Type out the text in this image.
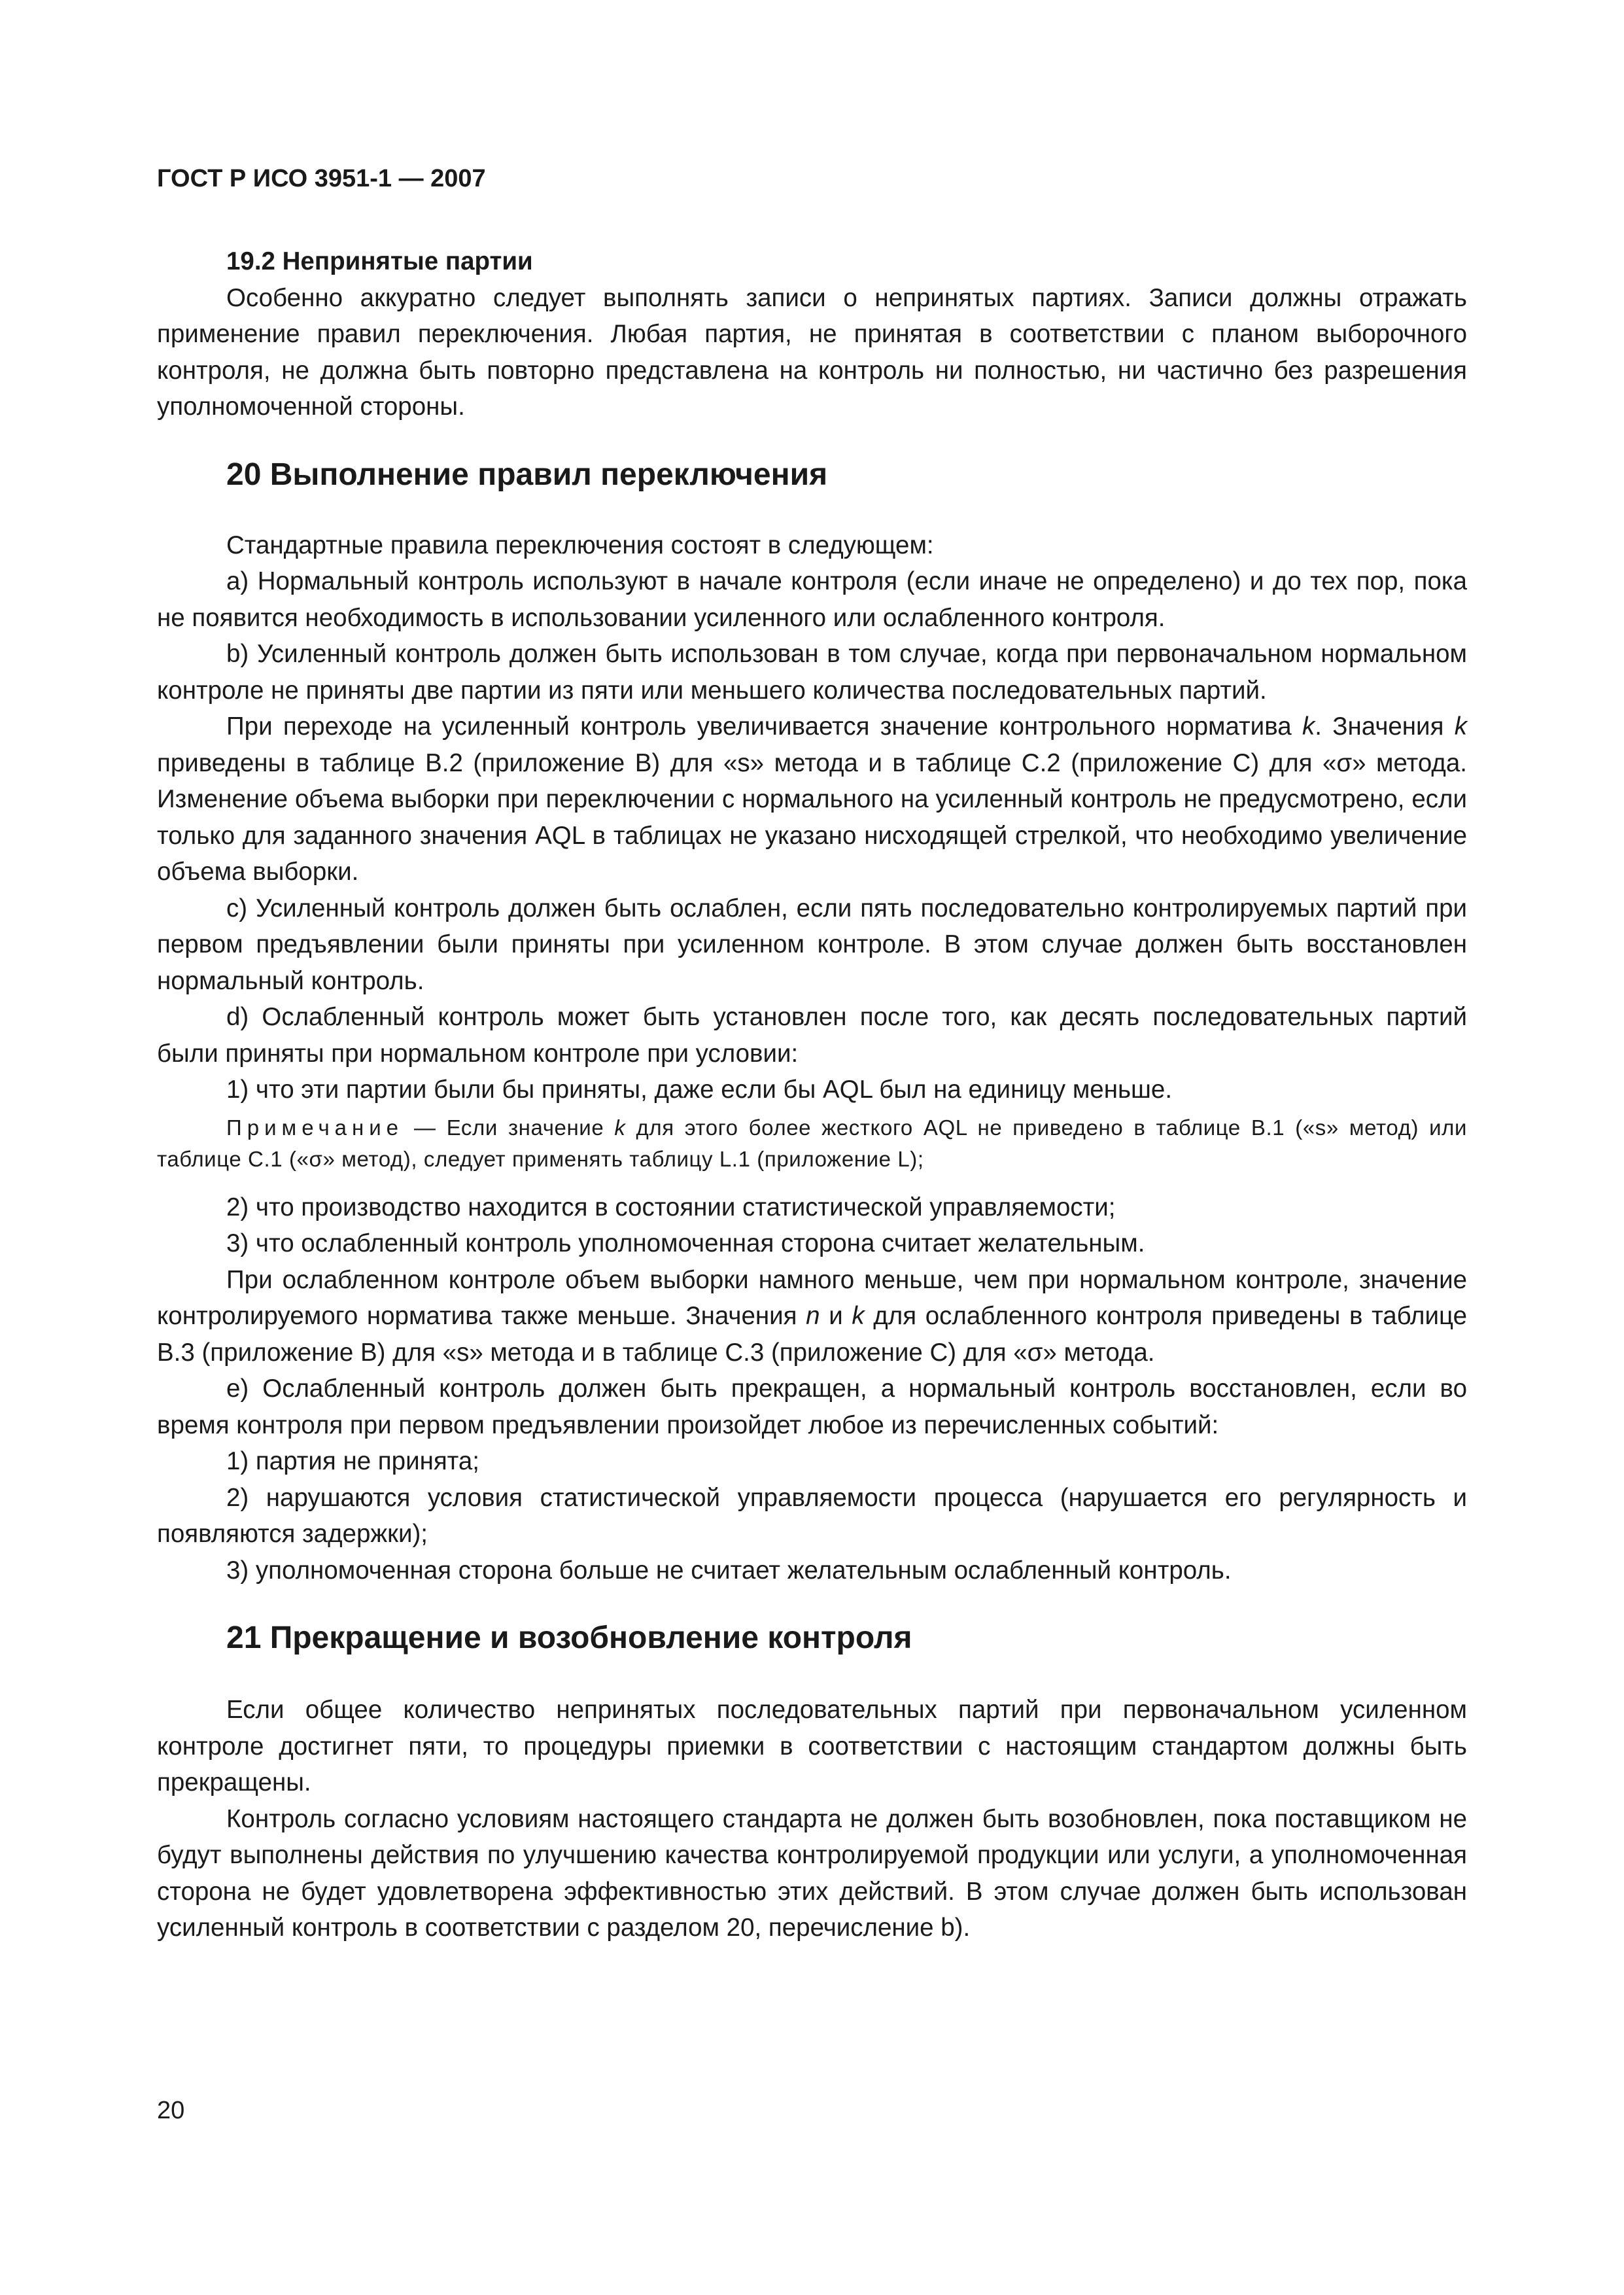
ГОСТ Р ИСО 3951-1 — 2007
19.2 Непринятые партии

Особенно аккуратно следует выполнять записи о непринятых партиях. Записи должны отражать применение правил переключения. Любая партия, не принятая в соответствии с планом выборочного контроля, не должна быть повторно представлена на контроль ни полностью, ни частично без разрешения уполномоченной стороны.

20 Выполнение правил переключения

Стандартные правила переключения состоят в следующем:

a) Нормальный контроль используют в начале контроля (если иначе не определено) и до тех пор, пока не появится необходимость в использовании усиленного или ослабленного контроля.

b) Усиленный контроль должен быть использован в том случае, когда при первоначальном нормальном контроле не приняты две партии из пяти или меньшего количества последовательных партий.

При переходе на усиленный контроль увеличивается значение контрольного норматива k. Значения k приведены в таблице B.2 (приложение B) для «s» метода и в таблице C.2 (приложение C) для «σ» метода. Изменение объема выборки при переключении с нормального на усиленный контроль не предусмотрено, если только для заданного значения AQL в таблицах не указано нисходящей стрелкой, что необходимо увеличение объема выборки.

c) Усиленный контроль должен быть ослаблен, если пять последовательно контролируемых партий при первом предъявлении были приняты при усиленном контроле. В этом случае должен быть восстановлен нормальный контроль.

d) Ослабленный контроль может быть установлен после того, как десять последовательных партий были приняты при нормальном контроле при условии:

1) что эти партии были бы приняты, даже если бы AQL был на единицу меньше.

Примечание — Если значение k для этого более жесткого AQL не приведено в таблице B.1 («s» метод) или таблице C.1 («σ» метод), следует применять таблицу L.1 (приложение L);

2) что производство находится в состоянии статистической управляемости;

3) что ослабленный контроль уполномоченная сторона считает желательным.

При ослабленном контроле объем выборки намного меньше, чем при нормальном контроле, значение контролируемого норматива также меньше. Значения n и k для ослабленного контроля приведены в таблице B.3 (приложение B) для «s» метода и в таблице C.3 (приложение C) для «σ» метода.

e) Ослабленный контроль должен быть прекращен, а нормальный контроль восстановлен, если во время контроля при первом предъявлении произойдет любое из перечисленных событий:

1) партия не принята;

2) нарушаются условия статистической управляемости процесса (нарушается его регулярность и появляются задержки);

3) уполномоченная сторона больше не считает желательным ослабленный контроль.

21 Прекращение и возобновление контроля

Если общее количество непринятых последовательных партий при первоначальном усиленном контроле достигнет пяти, то процедуры приемки в соответствии с настоящим стандартом должны быть прекращены.

Контроль согласно условиям настоящего стандарта не должен быть возобновлен, пока поставщиком не будут выполнены действия по улучшению качества контролируемой продукции или услуги, а уполномоченная сторона не будет удовлетворена эффективностью этих действий. В этом случае должен быть использован усиленный контроль в соответствии с разделом 20, перечисление b).

20
